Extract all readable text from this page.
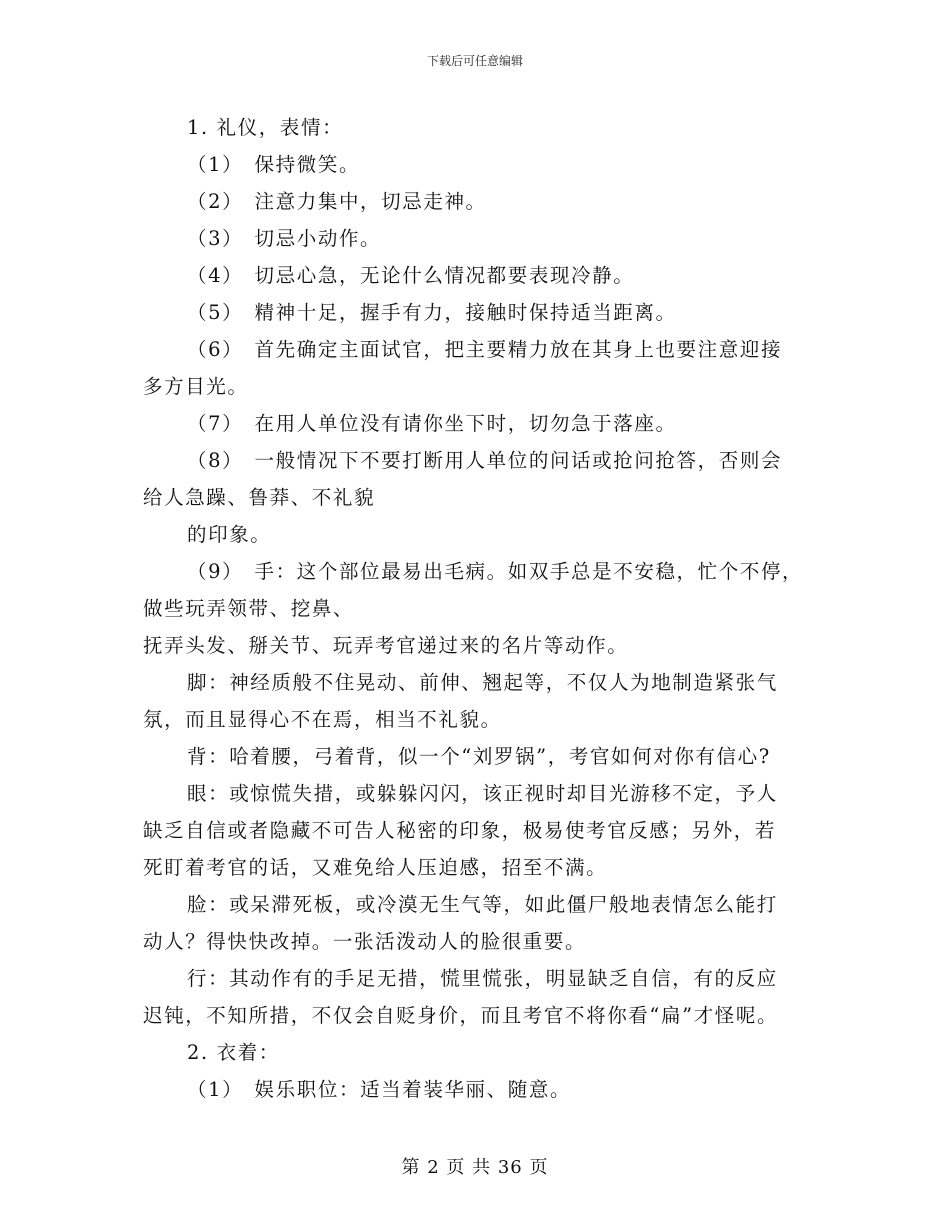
下载后可任意编辑
1. 礼仪，表情：
（1）　保持微笑。
（2）　注意力集中，切忌走神。
（3）　切忌小动作。
（4）　切忌心急，无论什么情况都要表现冷静。
（5）　精神十足，握手有力，接触时保持适当距离。
（6）　首先确定主面试官，把主要精力放在其身上也要注意迎接
多方目光。
（7）　在用人单位没有请你坐下时，切勿急于落座。
（8）　一般情况下不要打断用人单位的问话或抢问抢答，否则会
给人急躁、鲁莽、不礼貌
的印象。
（9）　手：这个部位最易出毛病。如双手总是不安稳，忙个不停，
做些玩弄领带、挖鼻、
抚弄头发、掰关节、玩弄考官递过来的名片等动作。
脚：神经质般不住晃动、前伸、翘起等，不仅人为地制造紧张气
氛，而且显得心不在焉，相当不礼貌。
背：哈着腰，弓着背，似一个“刘罗锅”，考官如何对你有信心?
眼：或惊慌失措，或躲躲闪闪，该正视时却目光游移不定，予人
缺乏自信或者隐藏不可告人秘密的印象，极易使考官反感；另外，若
死盯着考官的话，又难免给人压迫感，招至不满。
脸：或呆滞死板，或冷漠无生气等，如此僵尸般地表情怎么能打
动人？得快快改掉。一张活泼动人的脸很重要。
行：其动作有的手足无措，慌里慌张，明显缺乏自信，有的反应
迟钝，不知所措，不仅会自贬身价，而且考官不将你看“扁”才怪呢。
2. 衣着：
（1）　娱乐职位：适当着装华丽、随意。
第 2 页 共 36 页
